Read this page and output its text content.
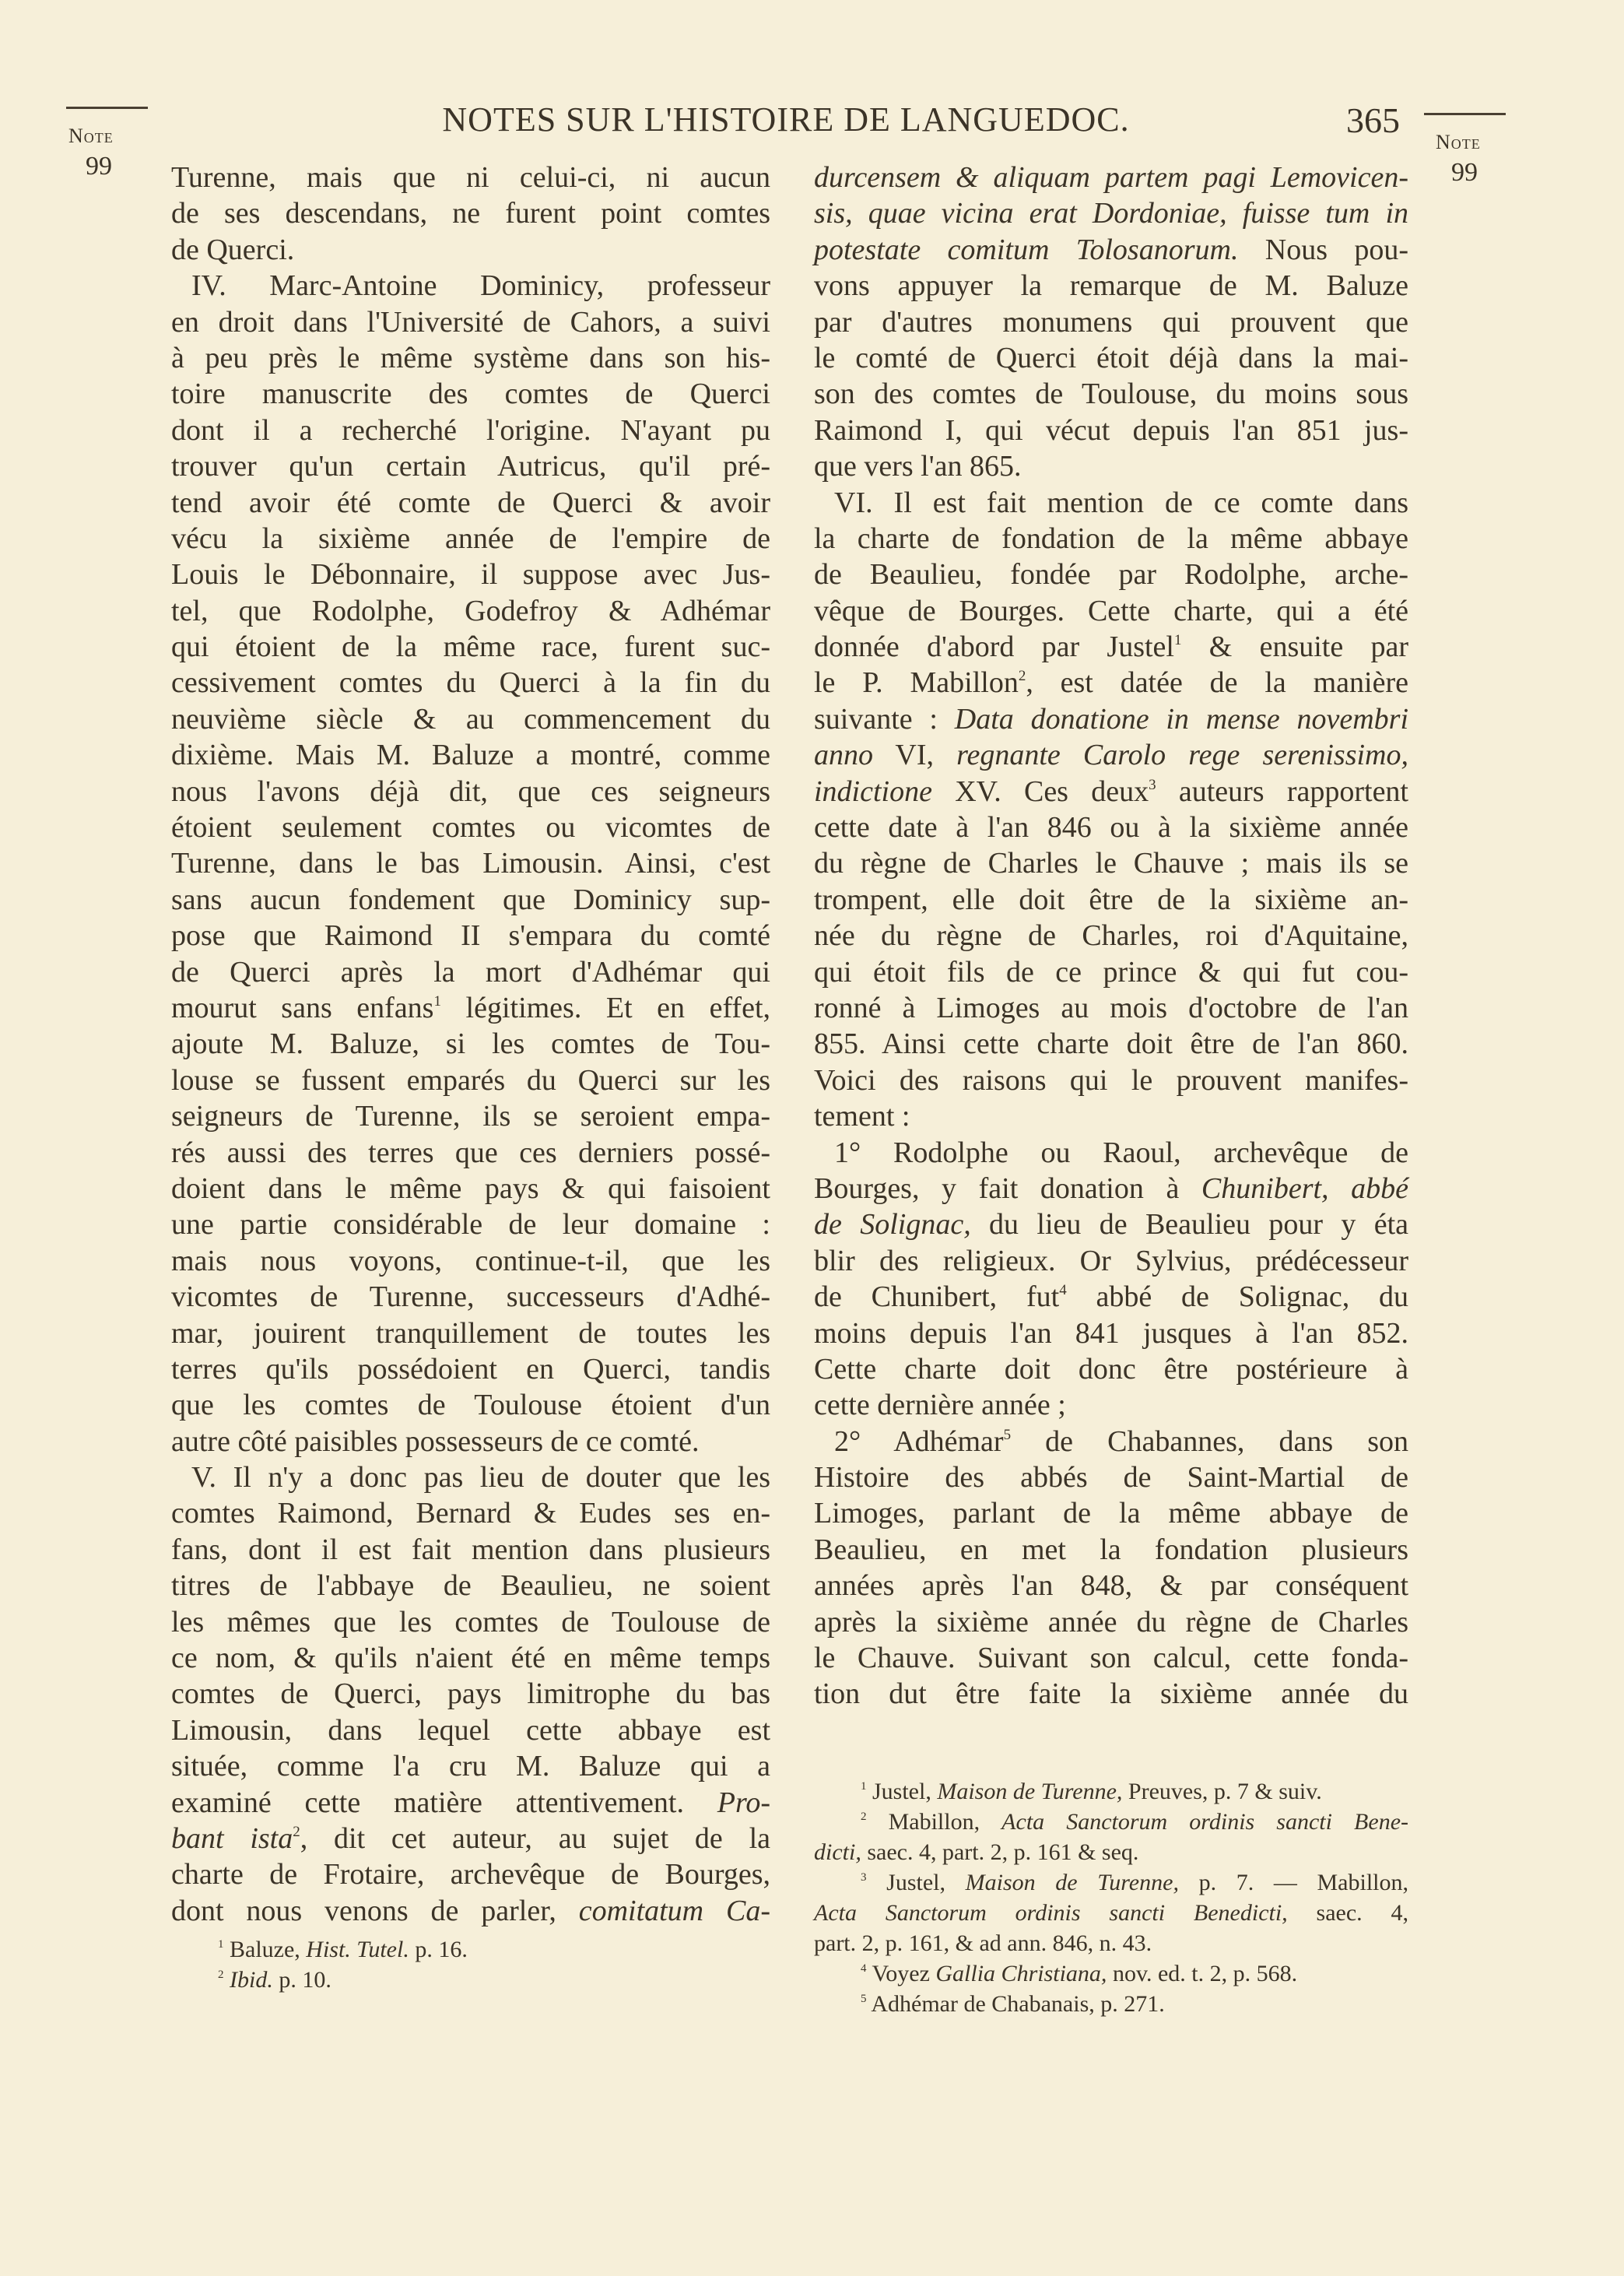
NOTES SUR L'HISTOIRE DE LANGUEDOC.	365
Note
99
Note
99
Turenne, mais que ni celui-ci, ni aucun
de ses descendans, ne furent point comtes
de Querci.
IV. Marc-Antoine Dominicy, professeur
en droit dans l'Université de Cahors, a suivi
à peu près le même système dans son his-
toire manuscrite des comtes de Querci
dont il a recherché l'origine. N'ayant pu
trouver qu'un certain Autricus, qu'il pré-
tend avoir été comte de Querci & avoir
vécu la sixième année de l'empire de
Louis le Débonnaire, il suppose avec Jus-
tel, que Rodolphe, Godefroy & Adhémar
qui étoient de la même race, furent suc-
cessivement comtes du Querci à la fin du
neuvième siècle & au commencement du
dixième. Mais M. Baluze a montré, comme
nous l'avons déjà dit, que ces seigneurs
étoient seulement comtes ou vicomtes de
Turenne, dans le bas Limousin. Ainsi, c'est
sans aucun fondement que Dominicy sup-
pose que Raimond II s'empara du comté
de Querci après la mort d'Adhémar qui
mourut sans enfans$^1$ légitimes. Et en effet,
ajoute M. Baluze, si les comtes de Tou-
louse se fussent emparés du Querci sur les
seigneurs de Turenne, ils se seroient empa-
rés aussi des terres que ces derniers possé-
doient dans le même pays & qui faisoient
une partie considérable de leur domaine :
mais nous voyons, continue-t-il, que les
vicomtes de Turenne, successeurs d'Adhé-
mar, jouirent tranquillement de toutes les
terres qu'ils possédoient en Querci, tandis
que les comtes de Toulouse étoient d'un
autre côté paisibles possesseurs de ce comté.
V. Il n'y a donc pas lieu de douter que les
comtes Raimond, Bernard & Eudes ses en-
fans, dont il est fait mention dans plusieurs
titres de l'abbaye de Beaulieu, ne soient
les mêmes que les comtes de Toulouse de
ce nom, & qu'ils n'aient été en même temps
comtes de Querci, pays limitrophe du bas
Limousin, dans lequel cette abbaye est
située, comme l'a cru M. Baluze qui a
examiné cette matière attentivement. Pro-
bant ista$^2$, dit cet auteur, au sujet de la
charte de Frotaire, archevêque de Bourges,
dont nous venons de parler, comitatum Ca-
durcensem & aliquam partem pagi Lemovicen-
sis, quae vicina erat Dordoniae, fuisse tum in
potestate comitum Tolosanorum. Nous pou-
vons appuyer la remarque de M. Baluze
par d'autres monumens qui prouvent que
le comté de Querci étoit déjà dans la mai-
son des comtes de Toulouse, du moins sous
Raimond I, qui vécut depuis l'an 851 jus-
que vers l'an 865.
VI. Il est fait mention de ce comte dans
la charte de fondation de la même abbaye
de Beaulieu, fondée par Rodolphe, arche-
vêque de Bourges. Cette charte, qui a été
donnée d'abord par Justel$^1$ & ensuite par
le P. Mabillon$^2$, est datée de la manière
suivante : Data donatione in mense novembri
anno VI, regnante Carolo rege serenissimo,
indictione XV. Ces deux$^3$ auteurs rapportent
cette date à l'an 846 ou à la sixième année
du règne de Charles le Chauve ; mais ils se
trompent, elle doit être de la sixième an-
née du règne de Charles, roi d'Aquitaine,
qui étoit fils de ce prince & qui fut cou-
ronné à Limoges au mois d'octobre de l'an
855. Ainsi cette charte doit être de l'an 860.
Voici des raisons qui le prouvent manifes-
tement :
1° Rodolphe ou Raoul, archevêque de
Bourges, y fait donation à Chunibert, abbé
de Solignac, du lieu de Beaulieu pour y éta
blir des religieux. Or Sylvius, prédécesseur
de Chunibert, fut$^4$ abbé de Solignac, du
moins depuis l'an 841 jusques à l'an 852.
Cette charte doit donc être postérieure à
cette dernière année ;
2° Adhémar$^5$ de Chabannes, dans son
Histoire des abbés de Saint-Martial de
Limoges, parlant de la même abbaye de
Beaulieu, en met la fondation plusieurs
années après l'an 848, & par conséquent
après la sixième année du règne de Charles
le Chauve. Suivant son calcul, cette fonda-
tion dut être faite la sixième année du
$^1$ Baluze, Hist. Tutel. p. 16.
$^2$ Ibid. p. 10.
$^1$ Justel, Maison de Turenne, Preuves, p. 7 & suiv.
$^2$ Mabillon, Acta Sanctorum ordinis sancti Bene-
dicti, saec. 4, part. 2, p. 161 & seq.
$^3$ Justel, Maison de Turenne, p. 7. — Mabillon,
Acta Sanctorum ordinis sancti Benedicti, saec. 4,
part. 2, p. 161, & ad ann. 846, n. 43.
$^4$ Voyez Gallia Christiana, nov. ed. t. 2, p. 568.
$^5$ Adhémar de Chabanais, p. 271.
